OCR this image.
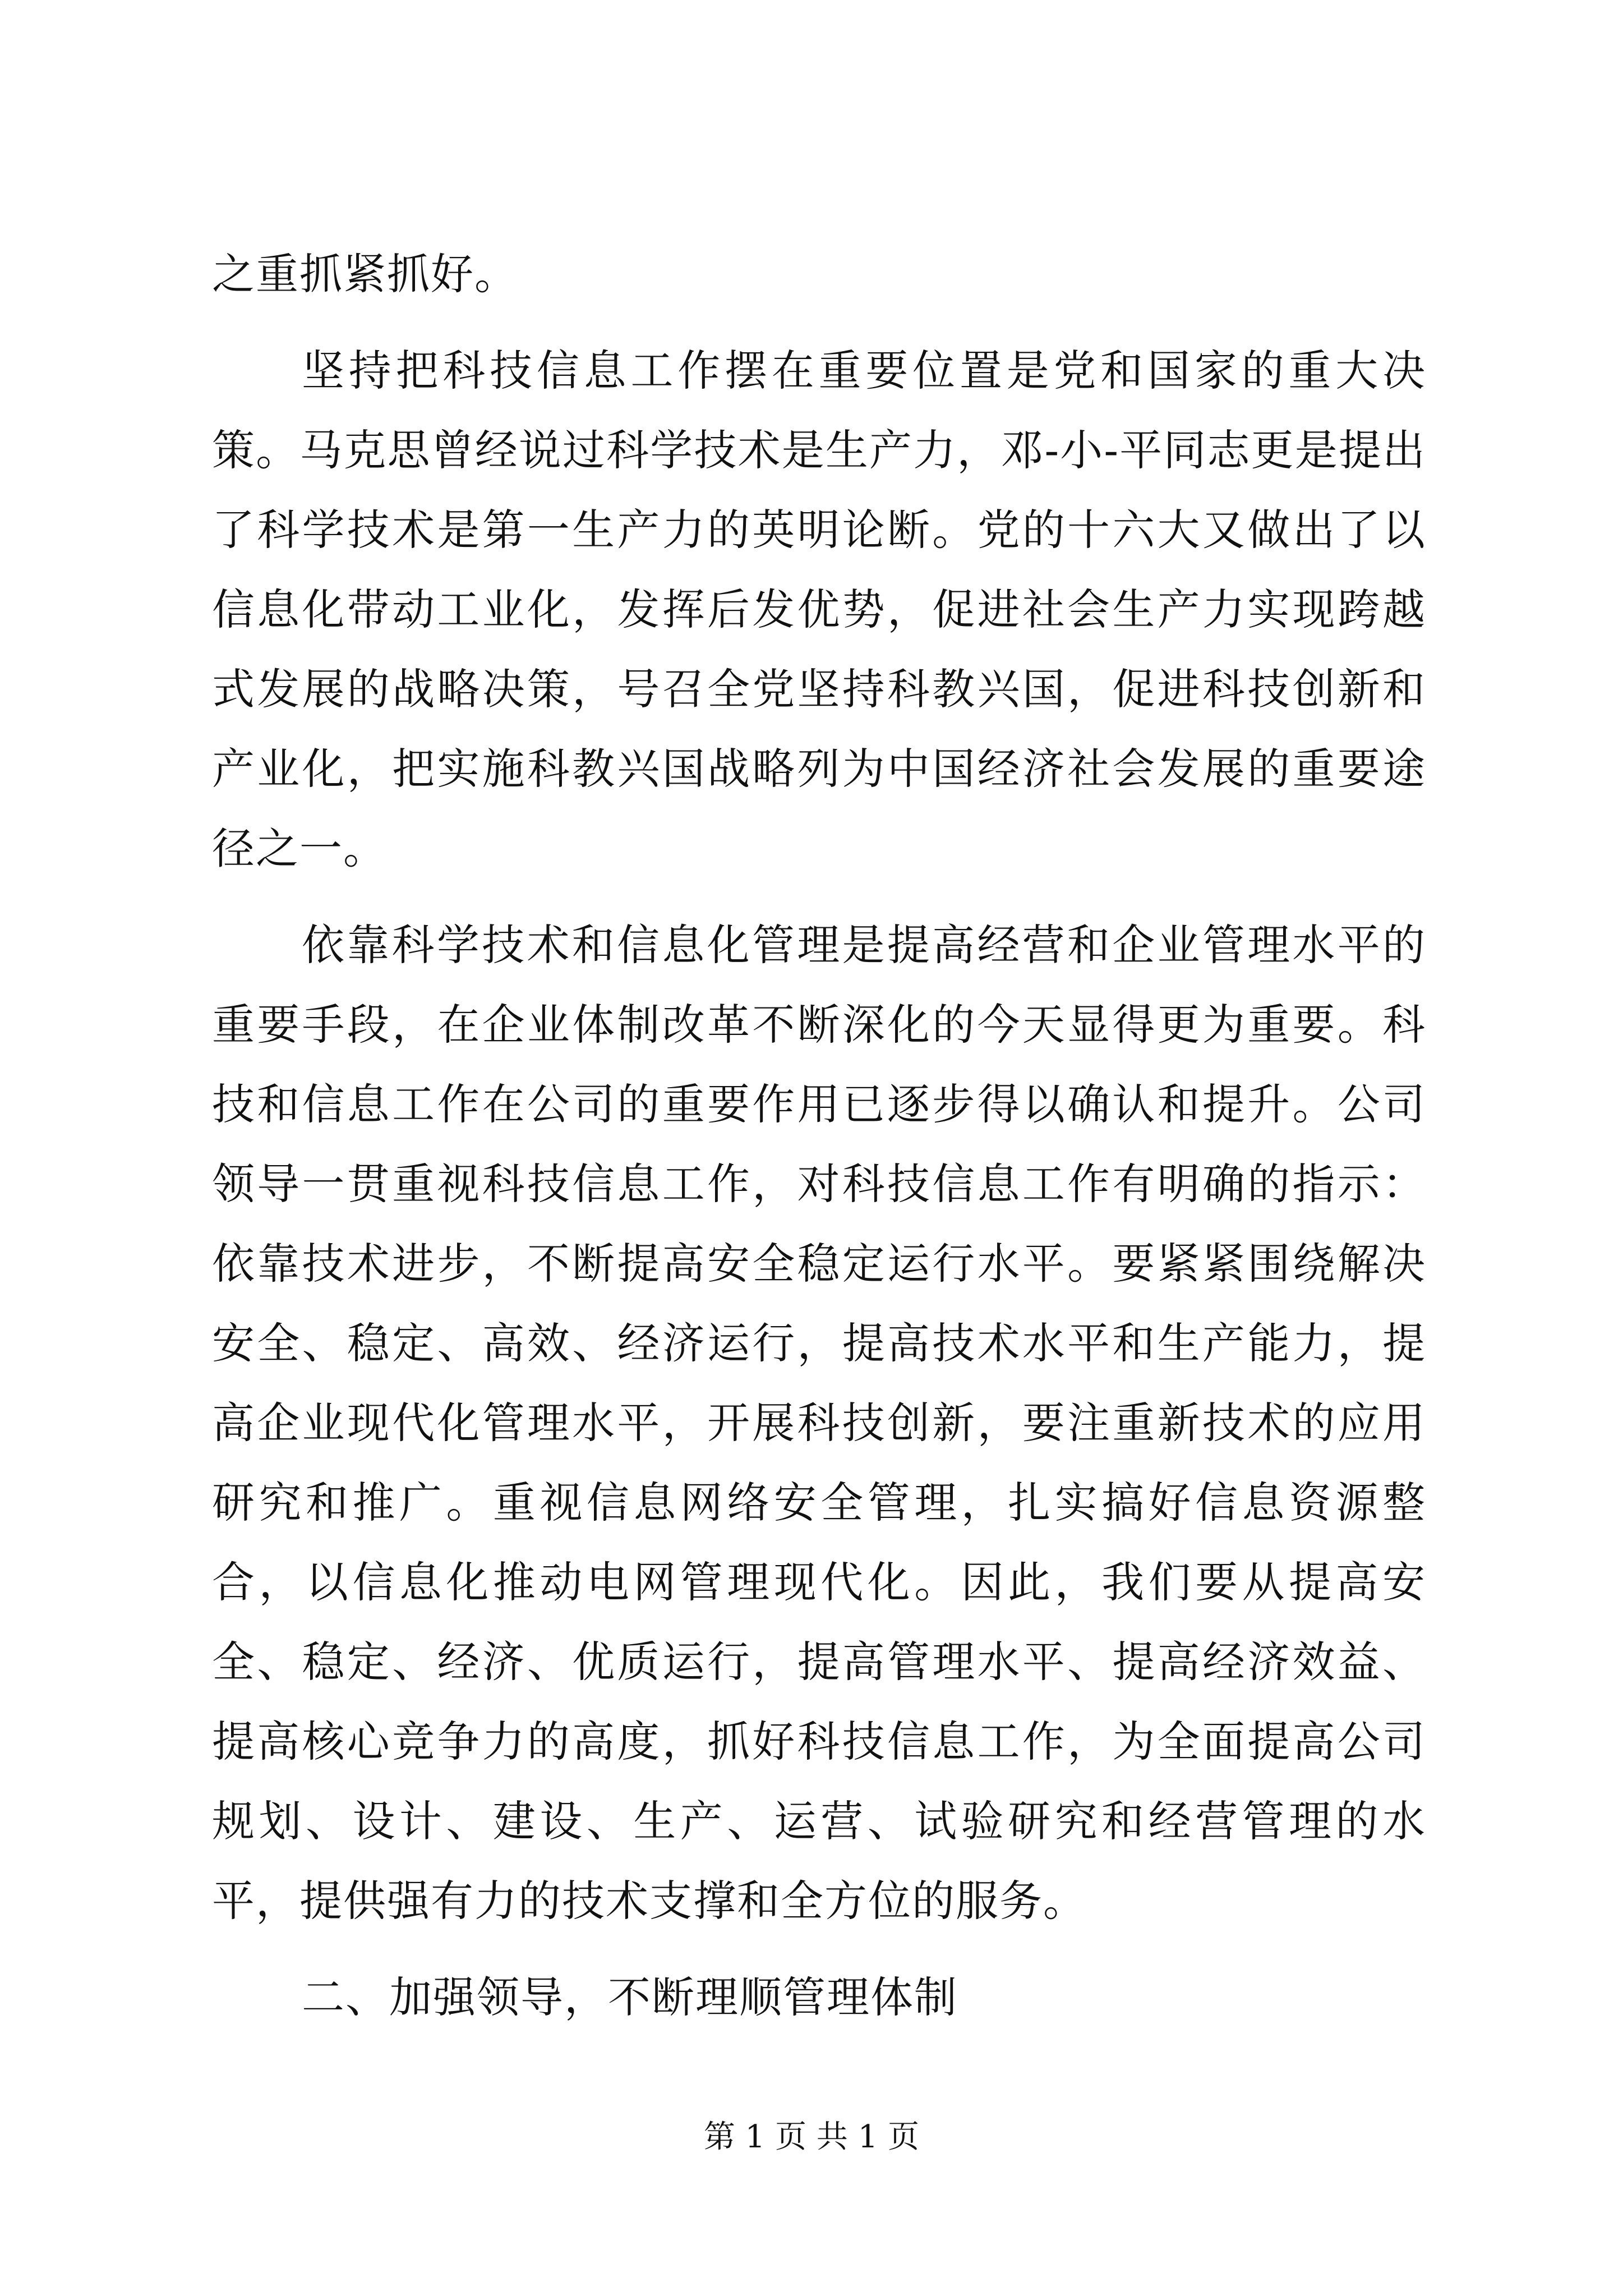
之重抓紧抓好。

坚持把科技信息工作摆在重要位置是党和国家的重大决策。马克思曾经说过科学技术是生产力，邓-小-平同志更是提出了科学技术是第一生产力的英明论断。党的十六大又做出了以信息化带动工业化，发挥后发优势，促进社会生产力实现跨越式发展的战略决策，号召全党坚持科教兴国，促进科技创新和产业化，把实施科教兴国战略列为中国经济社会发展的重要途径之一。

依靠科学技术和信息化管理是提高经营和企业管理水平的重要手段，在企业体制改革不断深化的今天显得更为重要。科技和信息工作在公司的重要作用已逐步得以确认和提升。公司领导一贯重视科技信息工作，对科技信息工作有明确的指示：依靠技术进步，不断提高安全稳定运行水平。要紧紧围绕解决安全、稳定、高效、经济运行，提高技术水平和生产能力，提高企业现代化管理水平，开展科技创新，要注重新技术的应用研究和推广。重视信息网络安全管理，扎实搞好信息资源整合，以信息化推动电网管理现代化。因此，我们要从提高安全、稳定、经济、优质运行，提高管理水平、提高经济效益、提高核心竞争力的高度，抓好科技信息工作，为全面提高公司规划、设计、建设、生产、运营、试验研究和经营管理的水平，提供强有力的技术支撑和全方位的服务。

二、加强领导，不断理顺管理体制

第 1 页 共 1 页
